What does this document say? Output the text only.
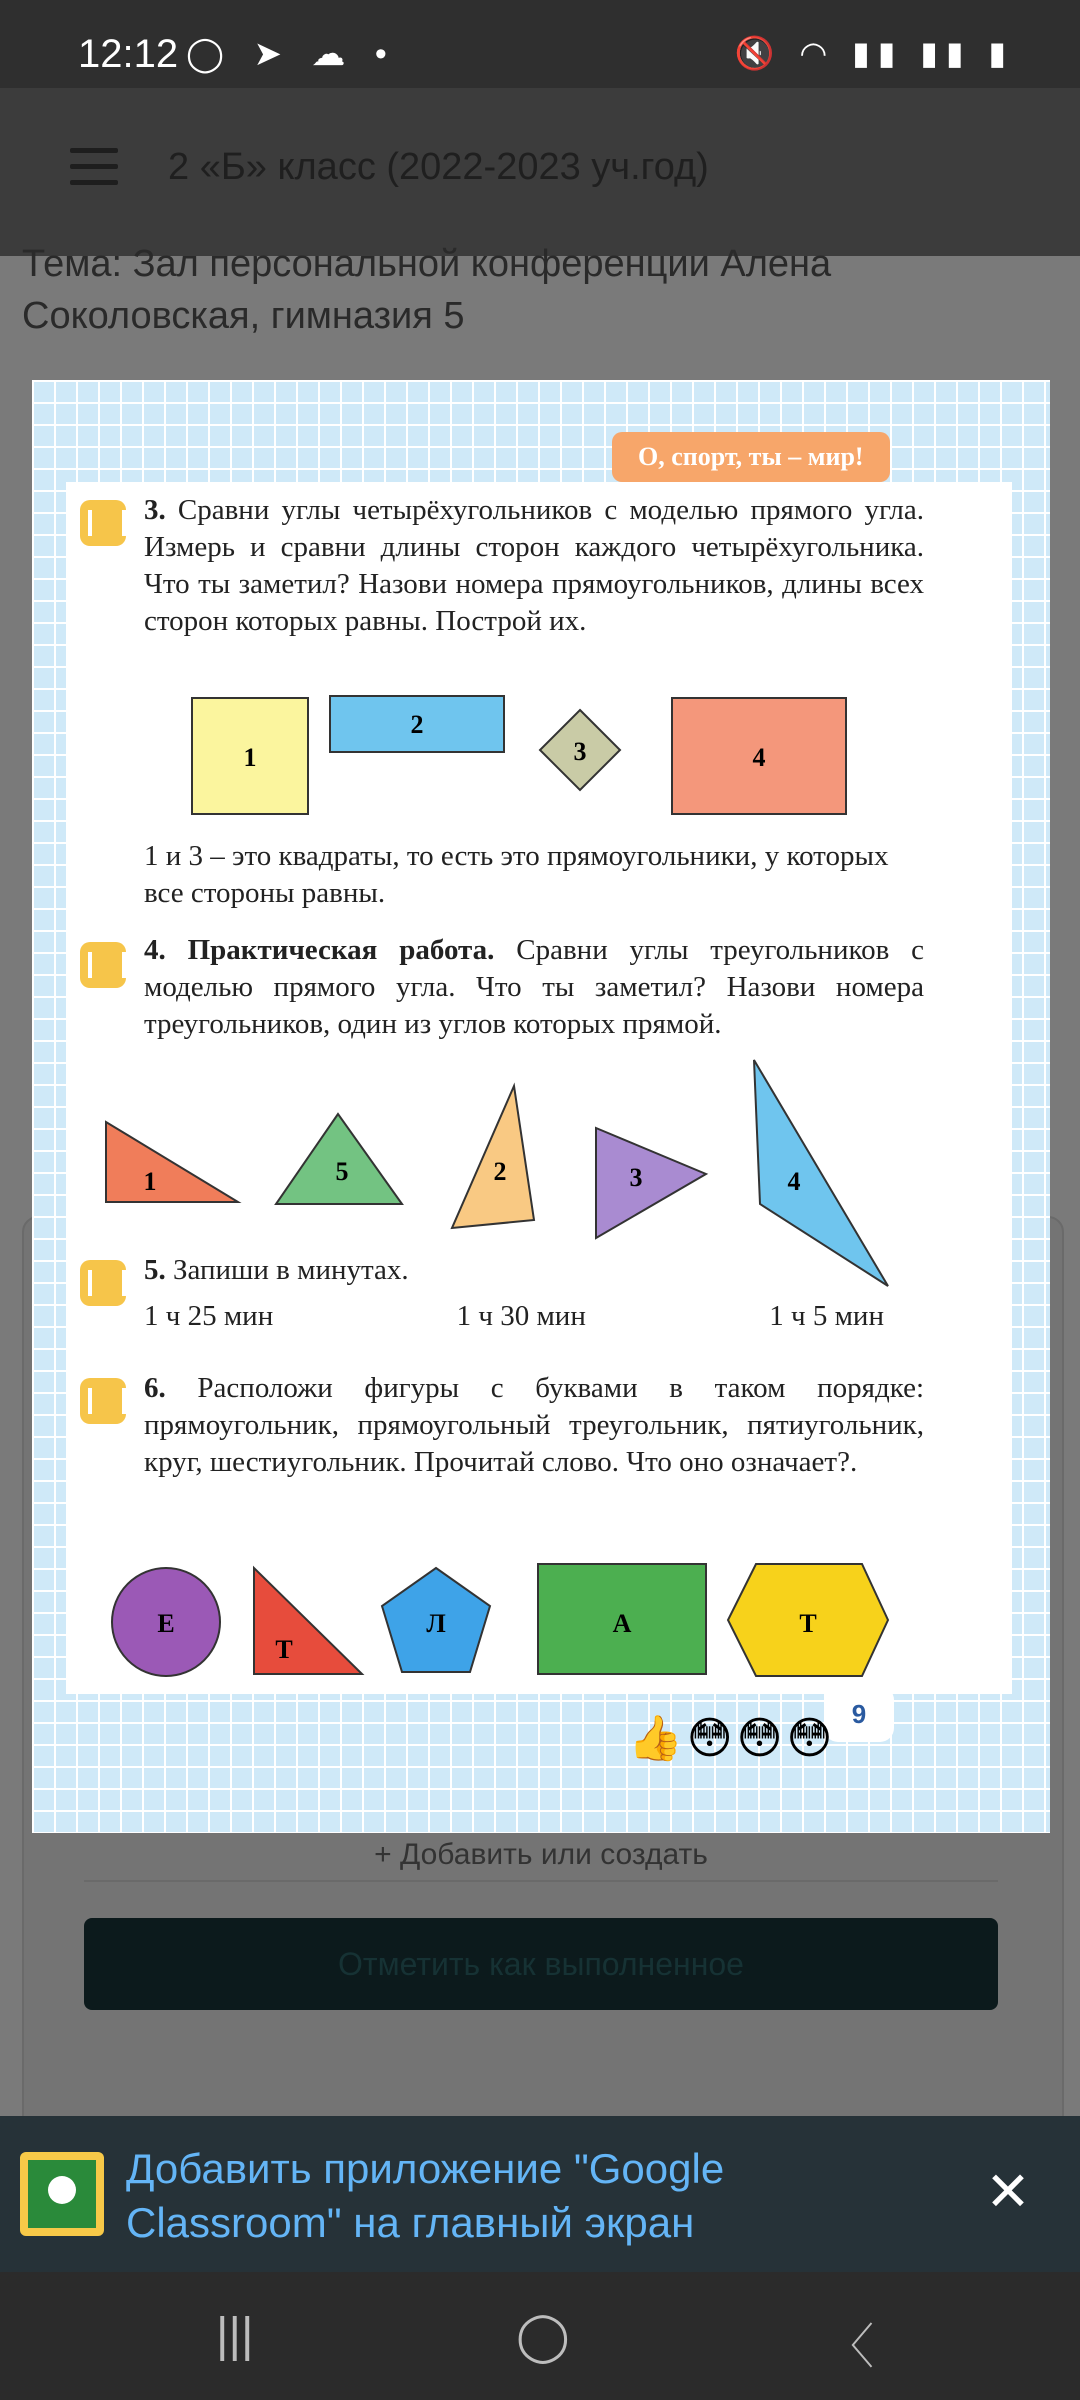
12:12 ◯ ➤ ☁ •	🔇 ◠ ▮▮ ▮▮ ▮
2 «Б» класс (2022-2023 уч.год)
Тема: Зал персональной конференции Алена
Соколовская, гимназия 5
+ Добавить или создать
Отметить как выполненное
О, спорт, ты – мир!
3. Сравни углы четырёхугольников с моделью прямого угла. Измерь и сравни длины сторон каждого четырёхугольника. Что ты заметил? Назови номера прямоугольников, длины всех сторон которых равны. Построй их.
1
2
3	4
1	5	2	3	4
Е
Т
Л	А	Т
1 и 3 – это квадраты, то есть это прямоугольники, у которых все стороны равны.
4. Практическая работа. Сравни углы треугольников с моделью прямого угла. Что ты заметил? Назови номера треугольников, один из углов которых прямой.
5. Запиши в минутах.
1 ч 25 мин	1 ч 30 мин	1 ч 5 мин
6. Расположи фигуры с буквами в таком порядке: прямоугольник, прямоугольный треугольник, пятиугольник, круг, шестиугольник. Прочитай слово. Что оно означает?.
9
👍😳😳😳
Добавить приложение "Google Classroom" на главный экран
✕
|||	◯	〈
